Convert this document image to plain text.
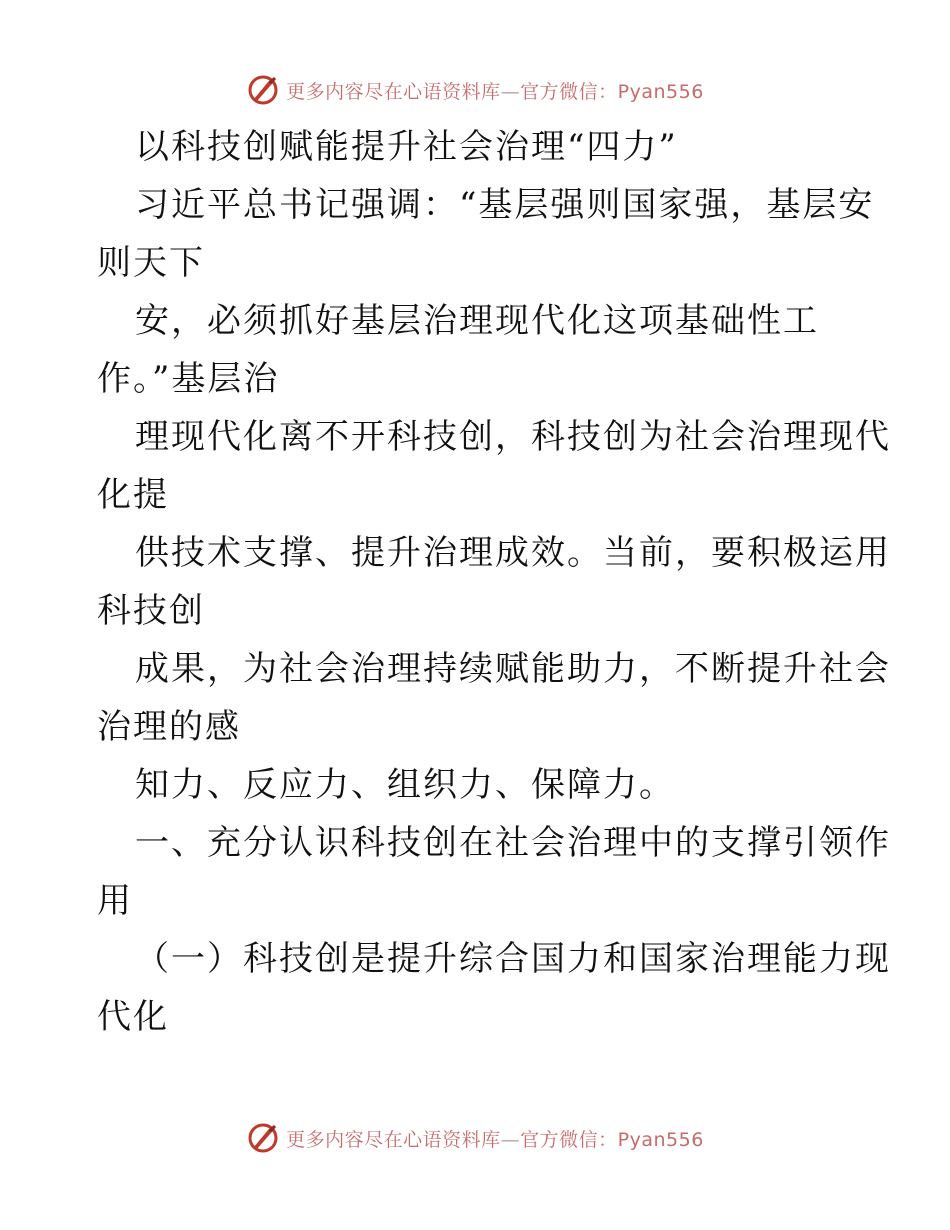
更多内容尽在心语资料库—官方微信：Pyan556
以科技创赋能提升社会治理“四力”
习近平总书记强调：“基层强则国家强，基层安
则天下
安，必须抓好基层治理现代化这项基础性工
作。”基层治
理现代化离不开科技创，科技创为社会治理现代
化提
供技术支撑、提升治理成效。当前，要积极运用
科技创
成果，为社会治理持续赋能助力，不断提升社会
治理的感
知力、反应力、组织力、保障力。
一、充分认识科技创在社会治理中的支撑引领作
用
（一）科技创是提升综合国力和国家治理能力现
代化
更多内容尽在心语资料库—官方微信：Pyan556
